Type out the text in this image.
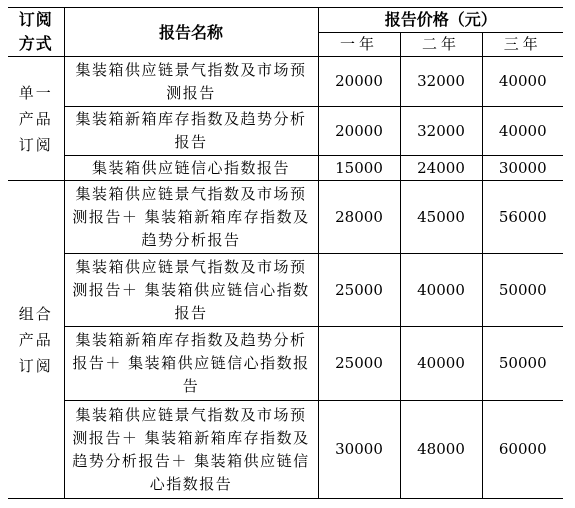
订阅
方式	报告名称	报告价格（元）		
		一年	二年	三年
单一
产品
订阅	集装箱供应链景气指数及市场预测报告	20000	32000	40000
	集装箱新箱库存指数及趋势分析报告	20000	32000	40000
	集装箱供应链信心指数报告	15000	24000	30000
组合
产品
订阅	集装箱供应链景气指数及市场预测报告＋ 集装箱新箱库存指数及趋势分析报告	28000	45000	56000
	集装箱供应链景气指数及市场预测报告＋ 集装箱供应链信心指数报告	25000	40000	50000
	集装箱新箱库存指数及趋势分析报告＋ 集装箱供应链信心指数报告	25000	40000	50000
	集装箱供应链景气指数及市场预测报告＋ 集装箱新箱库存指数及趋势分析报告＋ 集装箱供应链信心指数报告	30000	48000	60000
